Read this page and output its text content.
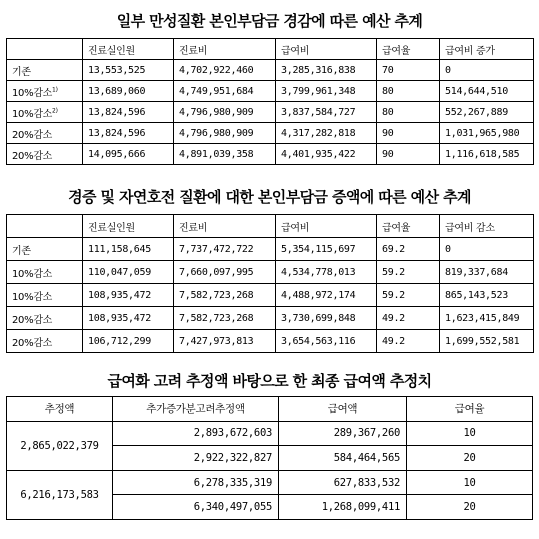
일부 만성질환 본인부담금 경감에 따른 예산 추계
	진료실인원	진료비	급여비	급여율	급여비 증가
기존	13,553,525	4,702,922,460	3,285,316,838	70	0
10%감소$^{1)}$	13,689,060	4,749,951,684	3,799,961,348	80	514,644,510
10%감소$^{2)}$	13,824,596	4,796,980,909	3,837,584,727	80	552,267,889
20%감소	13,824,596	4,796,980,909	4,317,282,818	90	1,031,965,980
20%감소	14,095,666	4,891,039,358	4,401,935,422	90	1,116,618,585
경증 및 자연호전 질환에 대한 본인부담금 증액에 따른 예산 추계
	진료실인원	진료비	급여비	급여율	급여비 감소
기존	111,158,645	7,737,472,722	5,354,115,697	69.2	0
10%감소	110,047,059	7,660,097,995	4,534,778,013	59.2	819,337,684
10%감소	108,935,472	7,582,723,268	4,488,972,174	59.2	865,143,523
20%감소	108,935,472	7,582,723,268	3,730,699,848	49.2	1,623,415,849
20%감소	106,712,299	7,427,973,813	3,654,563,116	49.2	1,699,552,581
급여화 고려 추정액 바탕으로 한 최종 급여액 추정치
추정액	추가증가분고려추정액	급여액	급여율
2,865,022,379	2,893,672,603	289,367,260	10
	2,922,322,827	584,464,565	20
6,216,173,583	6,278,335,319	627,833,532	10
	6,340,497,055	1,268,099,411	20
